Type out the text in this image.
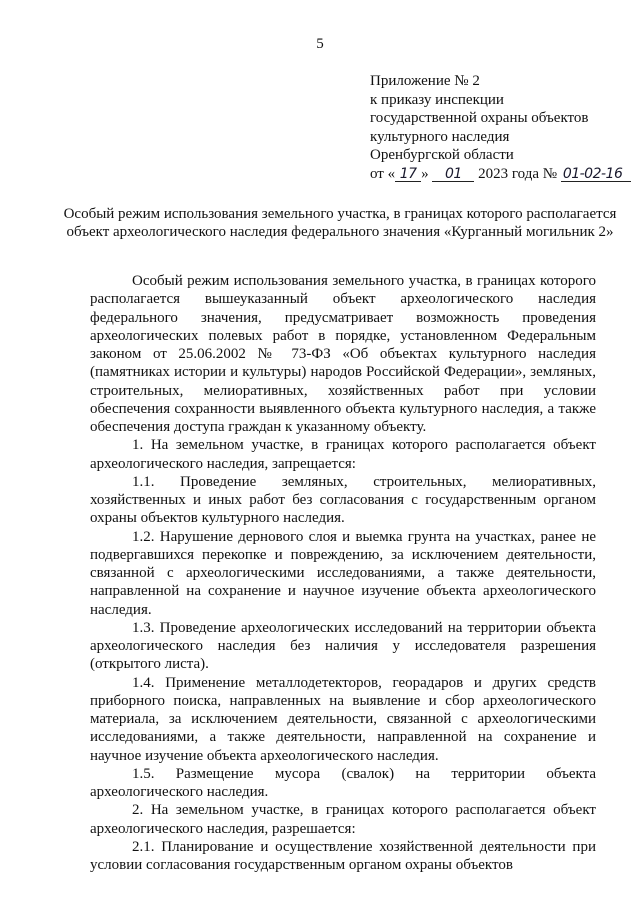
5
Приложение № 2
к приказу инспекции
государственной охраны объектов
культурного наследия
Оренбургской области
от « 17 » 01 2023 года № 01-02-16
Особый режим использования земельного участка, в границах которого располагается объект археологического наследия федерального значения «Курганный могильник 2»

Особый режим использования земельного участка, в границах которого располагается вышеуказанный объект археологического наследия федерального значения, предусматривает возможность проведения археологических полевых работ в порядке, установленном Федеральным законом от 25.06.2002 № 73-ФЗ «Об объектах культурного наследия (памятниках истории и культуры) народов Российской Федерации», земляных, строительных, мелиоративных, хозяйственных работ при условии обеспечения сохранности выявленного объекта культурного наследия, а также обеспечения доступа граждан к указанному объекту.

1. На земельном участке, в границах которого располагается объект археологического наследия, запрещается:

1.1. Проведение земляных, строительных, мелиоративных, хозяйственных и иных работ без согласования с государственным органом охраны объектов культурного наследия.

1.2. Нарушение дернового слоя и выемка грунта на участках, ранее не подвергавшихся перекопке и повреждению, за исключением деятельности, связанной с археологическими исследованиями, а также деятельности, направленной на сохранение и научное изучение объекта археологического наследия.

1.3. Проведение археологических исследований на территории объекта археологического наследия без наличия у исследователя разрешения (открытого листа).

1.4. Применение металлодетекторов, георадаров и других средств приборного поиска, направленных на выявление и сбор археологического материала, за исключением деятельности, связанной с археологическими исследованиями, а также деятельности, направленной на сохранение и научное изучение объекта археологического наследия.

1.5. Размещение мусора (свалок) на территории объекта археологического наследия.

2. На земельном участке, в границах которого располагается объект археологического наследия, разрешается:

2.1. Планирование и осуществление хозяйственной деятельности при условии согласования государственным органом охраны объектов
